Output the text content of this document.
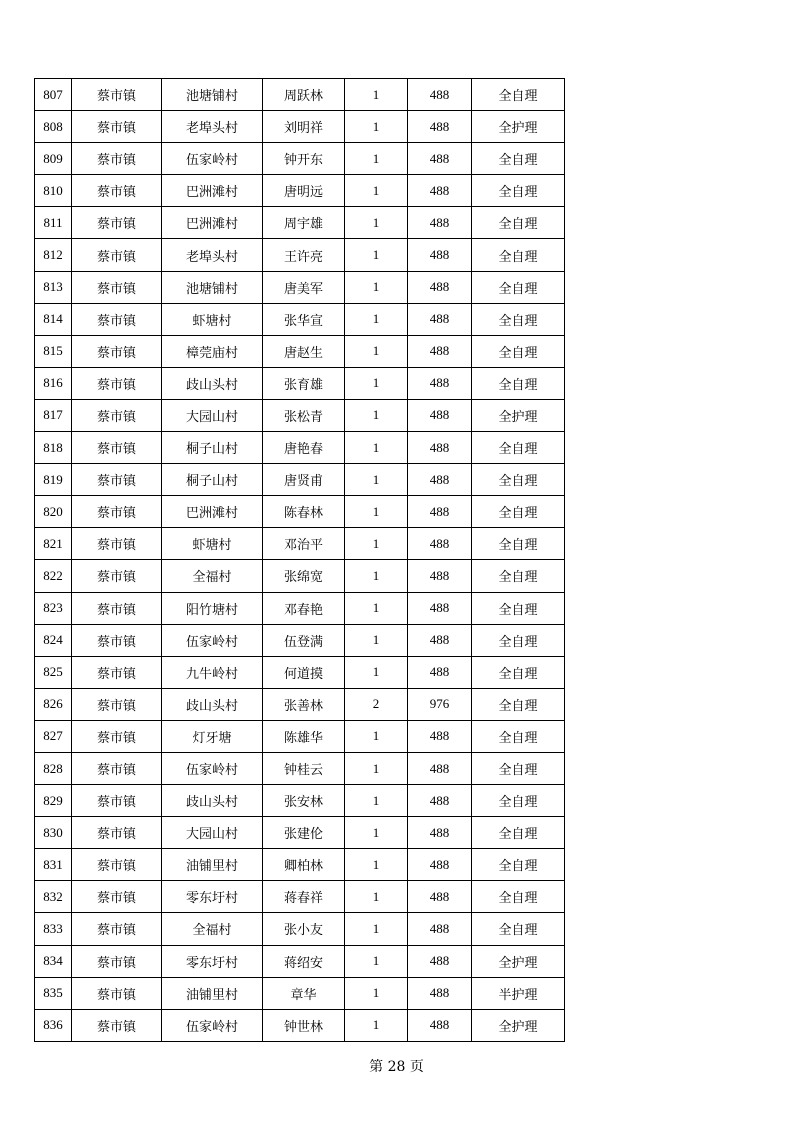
807	蔡市镇	池塘铺村	周跃林	1	488	全自理
808	蔡市镇	老埠头村	刘明祥	1	488	全护理
809	蔡市镇	伍家岭村	钟开东	1	488	全自理
810	蔡市镇	巴洲滩村	唐明远	1	488	全自理
811	蔡市镇	巴洲滩村	周宇雄	1	488	全自理
812	蔡市镇	老埠头村	王许亮	1	488	全自理
813	蔡市镇	池塘铺村	唐美军	1	488	全自理
814	蔡市镇	虾塘村	张华宣	1	488	全自理
815	蔡市镇	樟莞庙村	唐赵生	1	488	全自理
816	蔡市镇	歧山头村	张育雄	1	488	全自理
817	蔡市镇	大园山村	张松青	1	488	全护理
818	蔡市镇	桐子山村	唐艳春	1	488	全自理
819	蔡市镇	桐子山村	唐贤甫	1	488	全自理
820	蔡市镇	巴洲滩村	陈春林	1	488	全自理
821	蔡市镇	虾塘村	邓治平	1	488	全自理
822	蔡市镇	全福村	张绵宽	1	488	全自理
823	蔡市镇	阳竹塘村	邓春艳	1	488	全自理
824	蔡市镇	伍家岭村	伍登满	1	488	全自理
825	蔡市镇	九牛岭村	何道摸	1	488	全自理
826	蔡市镇	歧山头村	张善林	2	976	全自理
827	蔡市镇	灯牙塘	陈雄华	1	488	全自理
828	蔡市镇	伍家岭村	钟桂云	1	488	全自理
829	蔡市镇	歧山头村	张安林	1	488	全自理
830	蔡市镇	大园山村	张建伦	1	488	全自理
831	蔡市镇	油铺里村	卿柏林	1	488	全自理
832	蔡市镇	零东圩村	蒋春祥	1	488	全自理
833	蔡市镇	全福村	张小友	1	488	全自理
834	蔡市镇	零东圩村	蒋绍安	1	488	全护理
835	蔡市镇	油铺里村	章华	1	488	半护理
836	蔡市镇	伍家岭村	钟世林	1	488	全护理
第 28 页
